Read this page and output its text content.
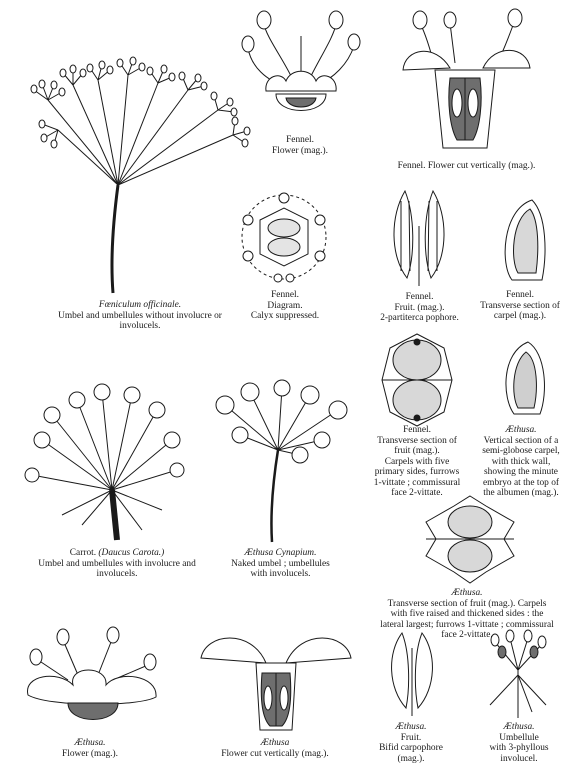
Fœniculum officinale.
Umbel and umbellules without involucre or
involucels.
Fennel.
Flower (mag.).
Fennel. Flower cut vertically (mag.).
Fennel.
Diagram.
Calyx suppressed.
Fennel.
Fruit. (mag.).
2-partiterca pophore.
Fennel.
Transverse section of
carpel (mag.).
Fennel.
Transverse section of
fruit (mag.).
Carpels with five
primary sides, furrows
1-vittate ; commissural
face 2-vittate.
Æthusa.
Vertical section of a
semi-globose carpel,
with thick wall,
showing the minute
embryo at the top of
the albumen (mag.).
Carrot. (Daucus Carota.)
Umbel and umbellules with involucre and
involucels.
Æthusa Cynapium.
Naked umbel ; umbellules
with involucels.
Æthusa.
Transverse section of fruit (mag.). Carpels
with five raised and thickened sides : the
lateral largest; furrows 1-vittate ; commissural
face 2-vittate.
Æthusa.
Flower (mag.).
Æthusa
Flower cut vertically (mag.).
Æthusa.
Fruit.
Bifid carpophore
(mag.).
Æthusa.
Umbellule
with 3-phyllous
involucel.
